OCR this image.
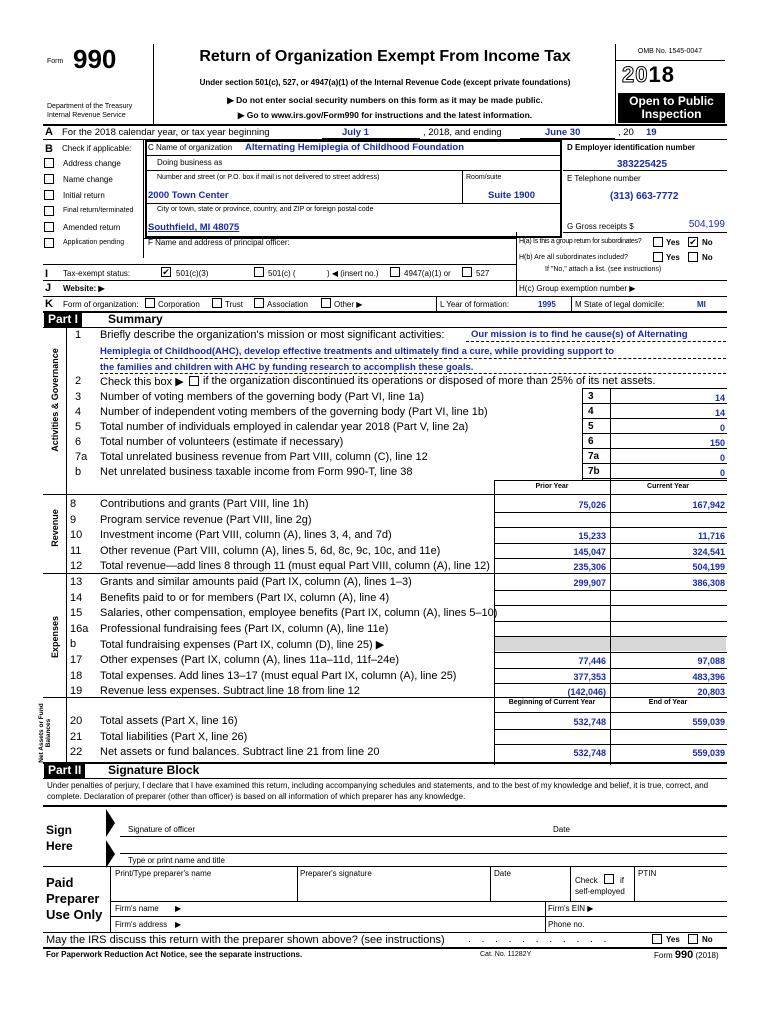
Form 990
Department of the Treasury
Internal Revenue Service
Return of Organization Exempt From Income Tax
Under section 501(c), 527, or 4947(a)(1) of the Internal Revenue Code (except private foundations)
▶ Do not enter social security numbers on this form as it may be made public.
▶ Go to www.irs.gov/Form990 for instructions and the latest information.
OMB No. 1545-0047
2018
Open to Public
Inspection
A For the 2018 calendar year, or tax year beginning	July 1	, 2018, and ending	June 30	, 20 19
B Check if applicable:
Address change
Name change
Initial return
Final return/terminated
Amended return
Application pending
C Name of organization Alternating Hemiplegia of Childhood Foundation
Doing business as
Number and street (or P.O. box if mail is not delivered to street address)	Room/suite
2000 Town Center	Suite 1900
City or town, state or province, country, and ZIP or foreign postal code
Southfield, MI 48075
D Employer identification number
383225425
E Telephone number
(313) 663-7772
G Gross receipts $	504,199
F Name and address of principal officer:	H(a) Is this a group return for subordinates?	Yes ✔ No
H(b) Are all subordinates included?	Yes	No
If "No," attach a list. (see instructions)
I Tax-exempt status:	✔ 501(c)(3)	501(c) (	) ◀ (insert no.)	4947(a)(1) or	527
J Website: ▶	H(c) Group exemption number ▶
K Form of organization: Corporation	Trust	Association	Other ▶	L Year of formation:	1995 M State of legal domicile:	MI
Part I	Summary
Activities & Governance
Revenue
Expenses
Net Assets or Fund Balances
1 Briefly describe the organization's mission or most significant activities:	Our mission is to find he cause(s) of Alternating
Hemiplegia of Childhood(AHC), develop effective treatments and ultimately find a cure, while providing support to
the families and children with AHC by funding research to accomplish these goals.
2 Check this box ▶ if the organization discontinued its operations or disposed of more than 25% of its net assets.
3 Number of voting members of the governing body (Part VI, line 1a)	3	14
4 Number of independent voting members of the governing body (Part VI, line 1b)	4	14
5 Total number of individuals employed in calendar year 2018 (Part V, line 2a)	5	0
6 Total number of volunteers (estimate if necessary)	6	150
7a Total unrelated business revenue from Part VIII, column (C), line 12	7a	0
b Net unrelated business taxable income from Form 990-T, line 38	7b	0
Prior Year	Current Year
8 Contributions and grants (Part VIII, line 1h)	75,026	167,942
9 Program service revenue (Part VIII, line 2g)
10 Investment income (Part VIII, column (A), lines 3, 4, and 7d)	15,233	11,716
11 Other revenue (Part VIII, column (A), lines 5, 6d, 8c, 9c, 10c, and 11e)	145,047	324,541
12 Total revenue—add lines 8 through 11 (must equal Part VIII, column (A), line 12)	235,306	504,199
13 Grants and similar amounts paid (Part IX, column (A), lines 1–3)	299,907	386,308
14 Benefits paid to or for members (Part IX, column (A), line 4)
15 Salaries, other compensation, employee benefits (Part IX, column (A), lines 5–10)
16a Professional fundraising fees (Part IX, column (A), line 11e)
b Total fundraising expenses (Part IX, column (D), line 25) ▶
17 Other expenses (Part IX, column (A), lines 11a–11d, 11f–24e)	77,446	97,088
18 Total expenses. Add lines 13–17 (must equal Part IX, column (A), line 25)	377,353	483,396
19 Revenue less expenses. Subtract line 18 from line 12	(142,046)	20,803
Beginning of Current Year	End of Year
20 Total assets (Part X, line 16)	532,748	559,039
21 Total liabilities (Part X, line 26)
22 Net assets or fund balances. Subtract line 21 from line 20	532,748	559,039
Part II	Signature Block
Under penalties of perjury, I declare that I have examined this return, including accompanying schedules and statements, and to the best of my knowledge and belief, it is true, correct, and complete. Declaration of preparer (other than officer) is based on all information of which preparer has any knowledge.
Sign
Here
Signature of officer	Date
Type or print name and title
Paid
Preparer
Use Only
Print/Type preparer's name	Preparer's signature	Date
Check	if
self-employed
PTIN
Firm's name ▶	Firm's EIN ▶
Firm's address ▶	Phone no.
May the IRS discuss this return with the preparer shown above? (see instructions) . . . . . . . . . . .	Yes	No
For Paperwork Reduction Act Notice, see the separate instructions.	Cat. No. 11282Y	Form 990 (2018)
